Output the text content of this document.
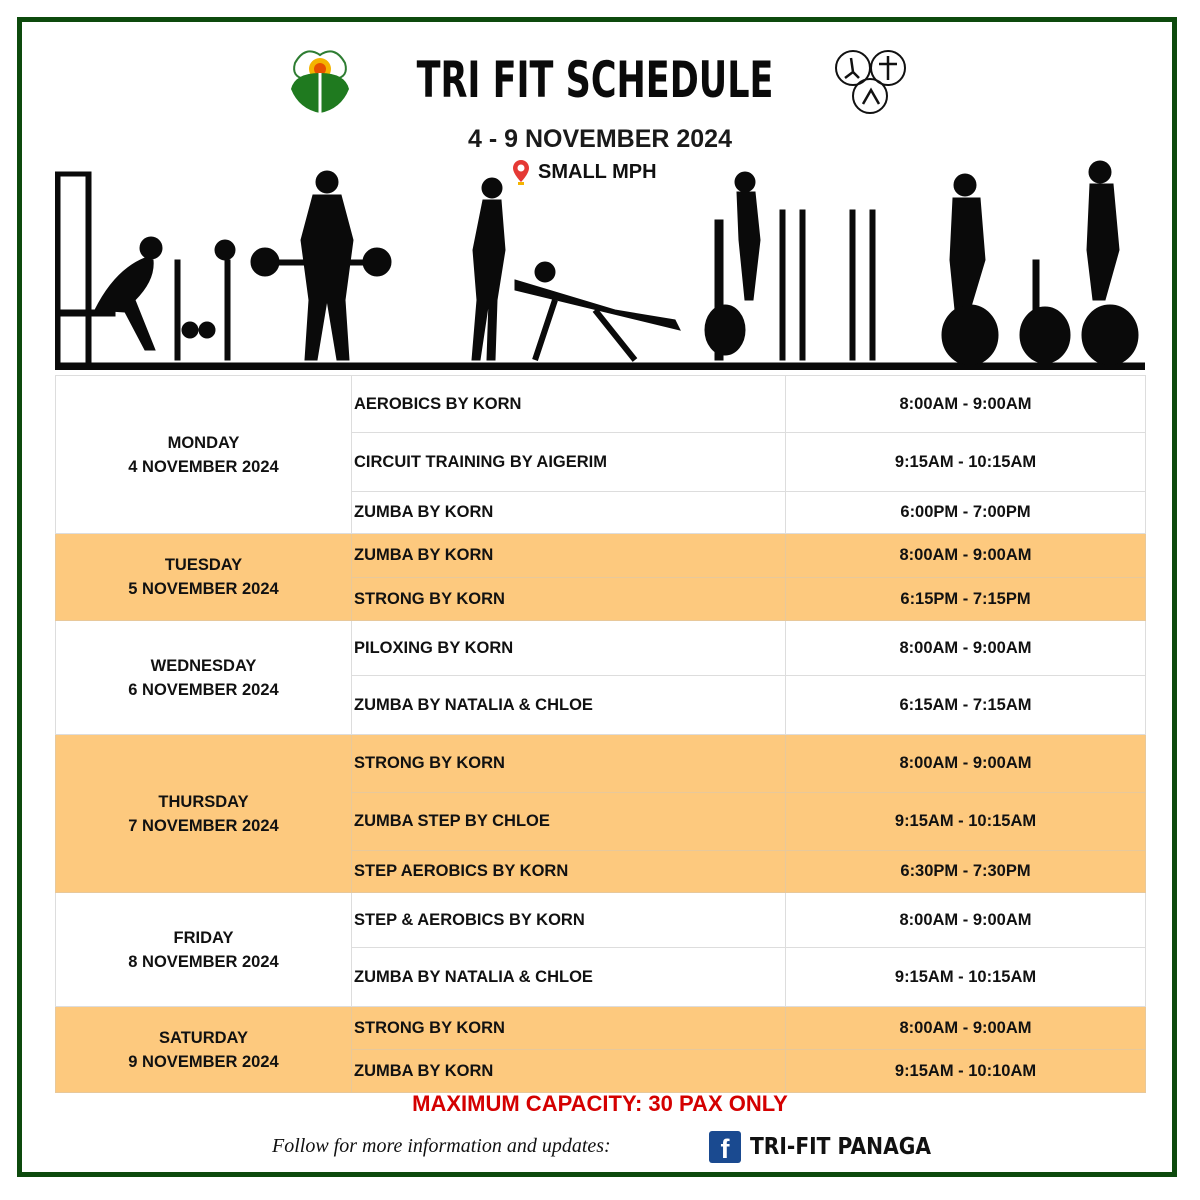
TRI FIT SCHEDULE
4 - 9 NOVEMBER 2024
SMALL MPH
MONDAY
4 NOVEMBER 2024	AEROBICS BY KORN	8:00AM - 9:00AM
	CIRCUIT TRAINING BY AIGERIM	9:15AM - 10:15AM
	ZUMBA BY KORN	6:00PM - 7:00PM

TUESDAY
5 NOVEMBER 2024	ZUMBA BY KORN	8:00AM - 9:00AM
	STRONG BY KORN	6:15PM - 7:15PM

WEDNESDAY
6 NOVEMBER 2024	PILOXING BY KORN	8:00AM - 9:00AM
	ZUMBA BY NATALIA & CHLOE	6:15AM - 7:15AM

THURSDAY
7 NOVEMBER 2024	STRONG BY KORN	8:00AM - 9:00AM
	ZUMBA STEP BY CHLOE	9:15AM - 10:15AM
	STEP AEROBICS BY KORN	6:30PM - 7:30PM

FRIDAY
8 NOVEMBER 2024	STEP & AEROBICS BY KORN	8:00AM - 9:00AM
	ZUMBA BY NATALIA & CHLOE	9:15AM - 10:15AM

SATURDAY
9 NOVEMBER 2024	STRONG BY KORN	8:00AM - 9:00AM
	ZUMBA BY KORN	9:15AM - 10:10AM
MAXIMUM CAPACITY: 30 PAX ONLY
Follow for more information and updates:	f TRI-FIT PANAGA
